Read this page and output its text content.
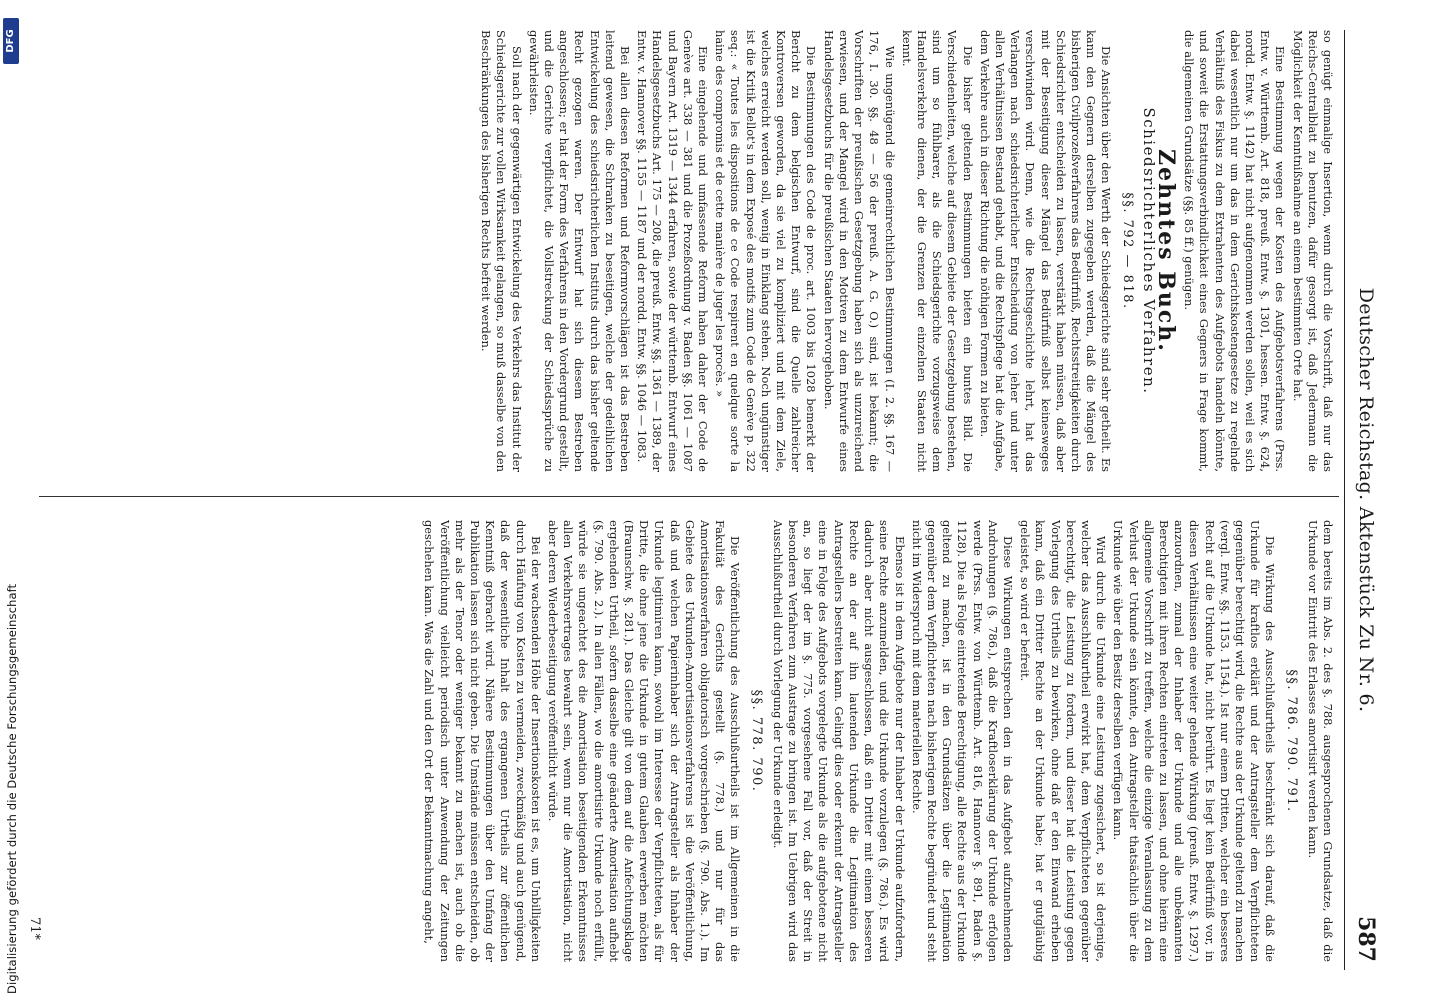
Deutscher Reichstag. Aktenstück Zu Nr. 6.
587

so genügt einmalige Insertion, wenn durch die Vorschrift, daß nur das Reichs-Centralblatt zu benutzen, dafür gesorgt ist, daß Jedermann die Möglichkeit der Kenntnißnahme an einem bestimmten Orte hat.

Eine Bestimmung wegen der Kosten des Aufgebotsverfahrens (Prss. Entw. v. Württemb. Art. 818, preuß. Entw. §. 1301, hessen. Entw. §. 624, nordd. Entw. §. 1142) hat nicht aufgenommen werden sollen, weil es sich dabei wesentlich nur um das in dem Gerichtskostengesetze zu regelnde Verhältniß des Fiskus zu dem Extrahenten des Aufgebots handeln könnte, und soweit die Erstattungsverbindlichkeit eines Gegners in Frage kommt, die allgemeinen Grundsätze (§§. 85 ff.) genügen.

Zehntes Buch.
Schiedsrichterliches Verfahren.
§§. 792 — 818.

Die Ansichten über den Werth der Schiedsgerichte sind sehr getheilt. Es kann den Gegnern derselben zugegeben werden, daß die Mängel des bisherigen Civilprozeßverfahrens das Bedürfniß, Rechtsstreitigkeiten durch Schiedsrichter entscheiden zu lassen, verstärkt haben müssen, daß aber mit der Beseitigung dieser Mängel das Bedürfniß selbst keinesweges verschwinden wird. Denn, wie die Rechtsgeschichte lehrt, hat das Verlangen nach schiedsrichterlicher Entscheidung von jeher und unter allen Verhältnissen Bestand gehabt, und die Rechtspflege hat die Aufgabe, dem Verkehre auch in dieser Richtung die nöthigen Formen zu bieten.

Die bisher geltenden Bestimmungen bieten ein buntes Bild. Die Verschiedenheiten, welche auf diesem Gebiete der Gesetzgebung bestehen, sind um so fühlbarer, als die Schiedsgerichte vorzugsweise dem Handelsverkehre dienen, der die Grenzen der einzelnen Staaten nicht kennt.

Wie ungenügend die gemeinrechtlichen Bestimmungen (I. 2. §§. 167 — 176, I. 30. §§. 48 — 56 der preuß. A. G. O.) sind, ist bekannt; die Vorschriften der preußischen Gesetzgebung haben sich als unzureichend erwiesen, und der Mangel wird in den Motiven zu dem Entwurfe eines Handelsgesetzbuchs für die preußischen Staaten hervorgehoben.

Die Bestimmungen des Code de proc. art. 1003 bis 1028 bemerkt der Bericht zu dem belgischen Entwurf, sind die Quelle zahlreicher Kontroversen geworden, da sie viel zu kompliziert und mit dem Ziele, welches erreicht werden soll, wenig in Einklang stehen. Noch ungünstiger ist die Kritik Bellot's in dem Exposé des motifs zum Code de Genève p. 322 seq.: « Toutes les dispositions de ce Code respirent en quelque sorte la haine des compromis et de cette manière de juger les procès. »

Eine eingehende und umfassende Reform haben daher der Code de Genève art. 338 — 381 und die Prozeßordnung v. Baden §§. 1061 — 1087 und Bayern Art. 1319 — 1344 erfahren, sowie der württemb. Entwurf eines Handelsgesetzbuchs Art. 175 — 208, die preuß. Entw. §§. 1361 — 1389, der Entw. v. Hannover §§. 1155 — 1187 und der nordd. Entw. §§. 1046 — 1083.

Bei allen diesen Reformen und Reformvorschlägen ist das Bestreben leitend gewesen, die Schranken zu beseitigen, welche der gedeihlichen Entwickelung des schiedsrichterlichen Instituts durch das bisher geltende Recht gezogen waren. Der Entwurf hat sich diesem Bestreben angeschlossen; er hat der Form des Verfahrens in den Vordergrund gestellt, und die Gerichte verpflichtet, die Vollstreckung der Schiedssprüche zu gewährleisten.

Soll nach der gegenwärtigen Entwickelung des Verkehrs das Institut der Schiedsgerichte zur vollen Wirksamkeit gelangen, so muß dasselbe von den Beschränkungen des bisherigen Rechts befreit werden.

dem bereits im Abs. 2. des §. 788. ausgesprochenen Grundsatze, daß die Urkunde vor Eintritt des Erlasses amortisirt werden kann.

§§. 786. 790. 791.

Die Wirkung des Ausschlußurtheils beschränkt sich darauf, daß die Urkunde für kraftlos erklärt und der Antragsteller dem Verpflichteten gegenüber berechtigt wird, die Rechte aus der Urkunde geltend zu machen (vergl. Entw. §§. 1153. 1154.). Ist nur einem Dritten, welcher ein besseres Recht auf die Urkunde hat, nicht berührt. Es liegt kein Bedürfniß vor, in diesen Verhältnissen eine weiter gehende Wirkung (preuß. Entw. §. 1297.) anzuordnen, zumal der Inhaber der Urkunde und alle unbekannten Berechtigten mit ihren Rechten eintreten zu lassen, und ohne hierin eine allgemeine Vorschrift zu treffen, welche die einzige Veranlassung zu dem Verlust der Urkunde sein könnte, den Antragsteller thatsächlich über die Urkunde wie über den Besitz derselben verfügen kann.

Wird durch die Urkunde eine Leistung zugesichert, so ist derjenige, welcher das Ausschlußurtheil erwirkt hat, dem Verpflichteten gegenüber berechtigt, die Leistung zu fordern, und dieser hat die Leistung gegen Vorlegung des Urtheils zu bewirken, ohne daß er den Einwand erheben kann, daß ein Dritter Rechte an der Urkunde habe; hat er gutgläubig geleistet, so wird er befreit.

Diese Wirkungen entsprechen den in das Aufgebot aufzunehmenden Androhungen (§. 786.), daß die Kraftloserklärung der Urkunde erfolgen werde (Prss. Entw. von Württemb. Art. 816, Hannover §. 891, Baden §. 1128). Die als Folge eintretende Berechtigung, alle Rechte aus der Urkunde geltend zu machen, ist in den Grundsätzen über die Legitimation gegenüber dem Verpflichteten nach bisherigem Rechte begründet und steht nicht im Widerspruch mit dem materiellen Rechte.

Ebenso ist in dem Aufgebote nur der Inhaber der Urkunde aufzufordern, seine Rechte anzumelden, und die Urkunde vorzulegen (§. 786.). Es wird dadurch aber nicht ausgeschlossen, daß ein Dritter mit einem besseren Rechte an der auf ihn lautenden Urkunde die Legitimation des Antragstellers bestreiten kann. Gelingt dies oder erkennt der Antragsteller eine in Folge des Aufgebots vorgelegte Urkunde als die aufgebotene nicht an, so liegt der im §. 775. vorgesehene Fall vor, daß der Streit in besonderen Verfahren zum Austrage zu bringen ist. Im Uebrigen wird das Ausschlußurtheil durch Vorlegung der Urkunde erledigt.

§§. 778. 790.

Die Veröffentlichung des Ausschlußurtheils ist im Allgemeinen in die Fakultät des Gerichts gestellt (§. 778.) und nur für das Amortisationsverfahren obligatorisch vorgeschrieben (§. 790. Abs. 1.). Im Gebiete des Urkunden-Amortisationsverfahrens ist die Veröffentlichung, daß und welchen Papierinhaber sich der Antragsteller als Inhaber der Urkunde legitimiren kann, sowohl im Interesse der Verpflichteten, als für Dritte, die ohne jene die Urkunde in gutem Glauben erwerben möchten (Braunschw. §. 281.). Das Gleiche gilt von dem auf die Anfechtungsklage ergehenden Urtheil, sofern dasselbe eine geänderte Amortisation aufhebt (§. 790. Abs. 2.). In allen Fällen, wo die amortisirte Urkunde noch erfüllt, würde sie ungeachtet des die Amortisation beseitigenden Erkenntnisses allen Verkehrsvertrages bewahrt sein, wenn nur die Amortisation, nicht aber deren Wiederbeseitigung veröffentlicht würde.

Bei der wachsenden Höhe der Insertionskosten ist es, um Unbilligkeiten durch Häufung von Kosten zu vermeiden, zweckmäßig und auch genügend, daß der wesentliche Inhalt des ergangenen Urtheils zur öffentlichen Kenntniß gebracht wird. Nähere Bestimmungen über den Umfang der Publikation lassen sich nicht geben. Die Umstände müssen entscheiden, ob mehr als der Tenor oder weniger bekannt zu machen ist, auch ob die Veröffentlichung vielleicht periodisch unter Anwendung der Zeitungen geschehen kann. Was die Zahl und den Ort der Bekanntmachung angeht,

71*
Digitalisierung gefördert durch die Deutsche Forschungsgemeinschaft
DFG
